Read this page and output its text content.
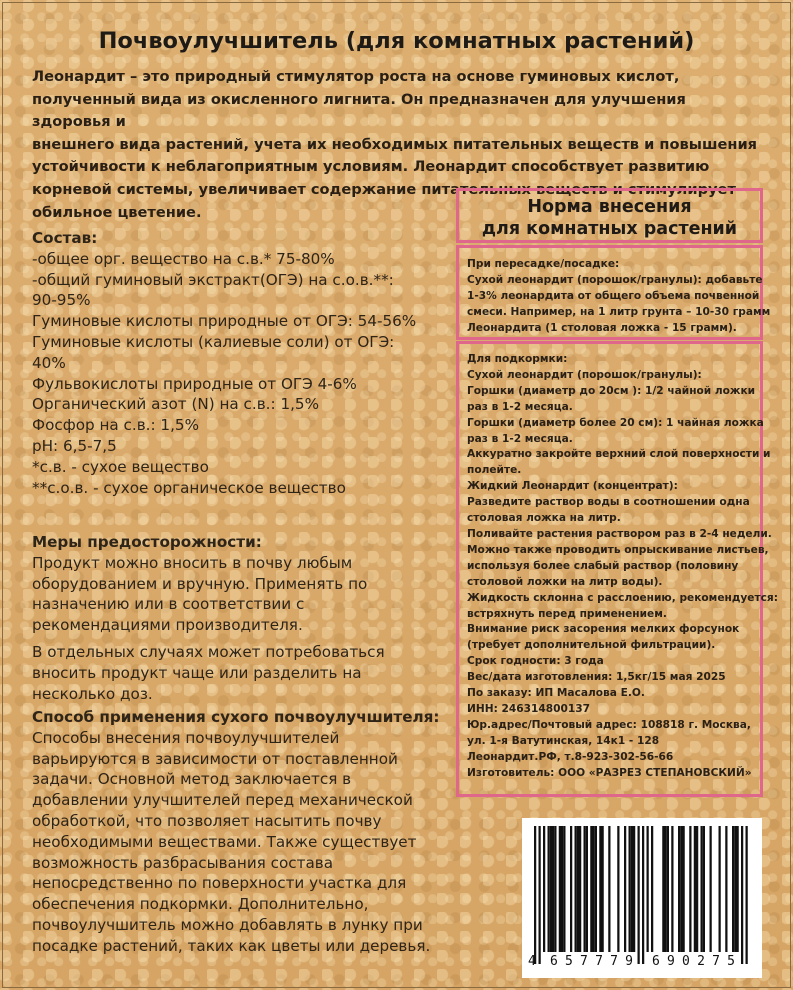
Почвоулучшитель (для комнатных растений)
Леонардит – это природный стимулятор роста на основе гуминовых кислот,
полученный вида из окисленного лигнита. Он предназначен для улучшения здоровья и
внешнего вида растений, учета их необходимых питательных веществ и повышения
устойчивости к неблагоприятным условиям. Леонардит способствует развитию
корневой системы, увеличивает содержание питательных веществ и стимулирует
обильное цветение.

Состав:

-общее орг. вещество на с.в.* 75-80%

-общий гуминовый экстракт(ОГЭ) на с.о.в.**:

90-95%

Гуминовые кислоты природные от ОГЭ: 54-56%

Гуминовые кислоты (калиевые соли) от ОГЭ:

40%

Фульвокислоты природные от ОГЭ 4-6%

Органический азот (N) на с.в.: 1,5%

Фосфор на с.в.: 1,5%

pH: 6,5-7,5

*с.в. - сухое вещество

**с.о.в. - сухое органическое вещество

Меры предосторожности:

Продукт можно вносить в почву любым

оборудованием и вручную. Применять по

назначению или в соответствии с

рекомендациями производителя.

В отдельных случаях может потребоваться

вносить продукт чаще или разделить на

несколько доз.

Способ применения сухого почвоулучшителя:

Способы внесения почвоулучшителей

варьируются в зависимости от поставленной

задачи. Основной метод заключается в

добавлении улучшителей перед механической

обработкой, что позволяет насытить почву

необходимыми веществами. Также существует

возможность разбрасывания состава

непосредственно по поверхности участка для

обеспечения подкормки. Дополнительно,

почвоулучшитель можно добавлять в лунку при

посадке растений, таких как цветы или деревья.

Норма внесения
для комнатных растений
При пересадке/посадке:
Сухой леонардит (порошок/гранулы): добавьте
1-3% леонардита от общего объема почвенной
смеси. Например, на 1 литр грунта – 10-30 грамм
Леонардита (1 столовая ложка - 15 грамм).
Для подкормки:
Сухой леонардит (порошок/гранулы):
Горшки (диаметр до 20см ): 1/2 чайной ложки
раз в 1-2 месяца.
Горшки (диаметр более 20 см): 1 чайная ложка
раз в 1-2 месяца.
Аккуратно закройте верхний слой поверхности и
полейте.
Жидкий Леонардит (концентрат):
Разведите раствор воды в соотношении одна
столовая ложка на литр.
Поливайте растения раствором раз в 2-4 недели.
Можно также проводить опрыскивание листьев,
используя более слабый раствор (половину
столовой ложки на литр воды).
Жидкость склонна с расслоению, рекомендуется:
встряхнуть перед применением.
Внимание риск засорения мелких форсунок
(требует дополнительной фильтрации).
Срок годности: 3 года
Вес/дата изготовления: 1,5кг/15 мая 2025
По заказу: ИП Масалова Е.О.
ИНН: 246314800137
Юр.адрес/Почтовый адрес: 108818 г. Москва,
ул. 1-я Ватутинская, 14к1 - 128
Леонардит.РФ, т.8-923-302-56-66
Изготовитель: ООО «РАЗРЕЗ СТЕПАНОВСКИЙ»
4 657779 690275
